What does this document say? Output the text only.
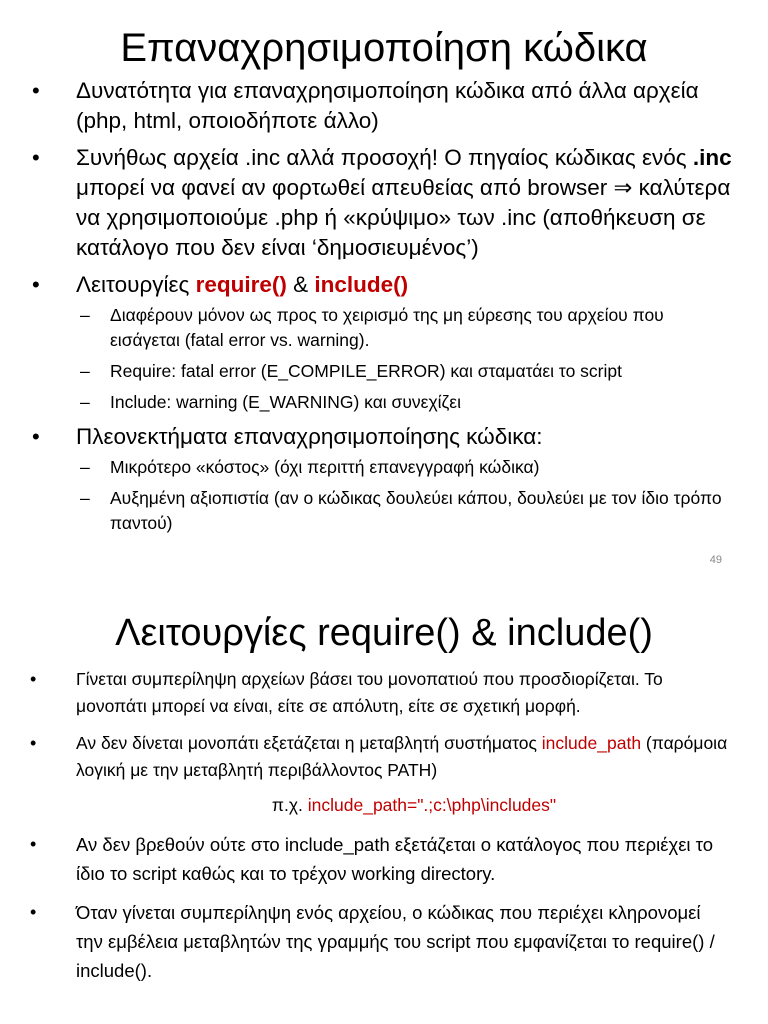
Επαναχρησιμοποίηση κώδικα
• Δυνατότητα για επαναχρησιμοποίηση κώδικα από άλλα αρχεία (php, html, οποιοδήποτε άλλο)
• Συνήθως αρχεία .inc αλλά προσοχή! Ο πηγαίος κώδικας ενός .inc μπορεί να φανεί αν φορτωθεί απευθείας από browser ⇒ καλύτερα να χρησιμοποιούμε .php ή «κρύψιμο» των .inc (αποθήκευση σε κατάλογο που δεν είναι ‘δημοσιευμένος’)
• Λειτουργίες require() & include()
– Διαφέρουν μόνον ως προς το χειρισμό της μη εύρεσης του αρχείου που εισάγεται (fatal error vs. warning).
– Require: fatal error (E_COMPILE_ERROR) και σταματάει το script
– Include: warning (E_WARNING) και συνεχίζει
• Πλεονεκτήματα επαναχρησιμοποίησης κώδικα:
– Μικρότερο «κόστος» (όχι περιττή επανεγγραφή κώδικα)
– Αυξημένη αξιοπιστία (αν ο κώδικας δουλεύει κάπου, δουλεύει με τον ίδιο τρόπο παντού)
49
Λειτουργίες require() & include()
• Γίνεται συμπερίληψη αρχείων βάσει του μονοπατιού που προσδιορίζεται. Το μονοπάτι μπορεί να είναι, είτε σε απόλυτη, είτε σε σχετική μορφή.
• Αν δεν δίνεται μονοπάτι εξετάζεται η μεταβλητή συστήματος include_path (παρόμοια λογική με την μεταβλητή περιβάλλοντος PATH)
π.χ. include_path=".;c:\php\includes"
• Αν δεν βρεθούν ούτε στο include_path εξετάζεται ο κατάλογος που περιέχει το ίδιο το script καθώς και το τρέχον working directory.
• Όταν γίνεται συμπερίληψη ενός αρχείου, ο κώδικας που περιέχει κληρονομεί την εμβέλεια μεταβλητών της γραμμής του script που εμφανίζεται το require() / include().
